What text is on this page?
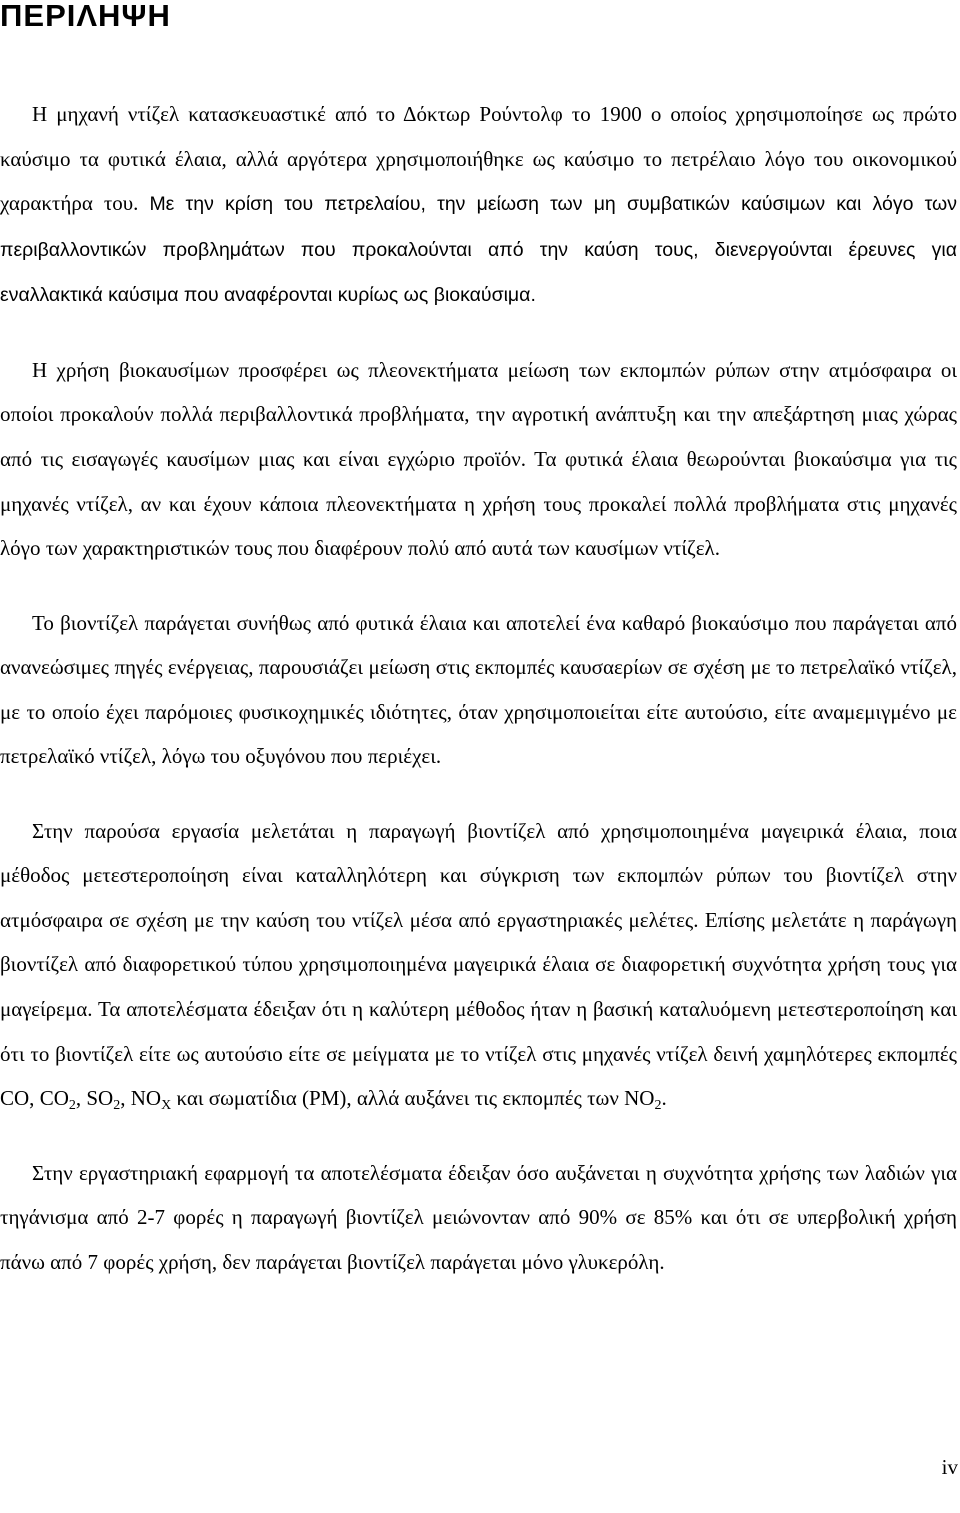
ΠΕΡΙΛΗΨΗ

Η μηχανή ντίζελ κατασκευαστικέ από το Δόκτωρ Ρούντολφ το 1900 ο οποίος χρησιμοποίησε ως πρώτο καύσιμο τα φυτικά έλαια, αλλά αργότερα χρησιμοποιήθηκε ως καύσιμο το πετρέλαιο λόγο του οικονομικού χαρακτήρα του. Με την κρίση του πετρελαίου, την μείωση των μη συμβατικών καύσιμων και λόγο των περιβαλλοντικών προβλημάτων που προκαλούνται από την καύση τους, διενεργούνται έρευνες για εναλλακτικά καύσιμα που αναφέρονται κυρίως ως βιοκαύσιμα.

Η χρήση βιοκαυσίμων προσφέρει ως πλεονεκτήματα μείωση των εκπομπών ρύπων στην ατμόσφαιρα οι οποίοι προκαλούν πολλά περιβαλλοντικά προβλήματα, την αγροτική ανάπτυξη και την απεξάρτηση μιας χώρας από τις εισαγωγές καυσίμων μιας και είναι εγχώριο προϊόν. Τα φυτικά έλαια θεωρούνται βιοκαύσιμα για τις μηχανές ντίζελ, αν και έχουν κάποια πλεονεκτήματα η χρήση τους προκαλεί πολλά προβλήματα στις μηχανές λόγο των χαρακτηριστικών τους που διαφέρουν πολύ από αυτά των καυσίμων ντίζελ.

Το βιοντίζελ παράγεται συνήθως από φυτικά έλαια και αποτελεί ένα καθαρό βιοκαύσιμο που παράγεται από ανανεώσιμες πηγές ενέργειας, παρουσιάζει μείωση στις εκπομπές καυσαερίων σε σχέση με το πετρελαϊκό ντίζελ, με το οποίο έχει παρόμοιες φυσικοχημικές ιδιότητες, όταν χρησιμοποιείται είτε αυτούσιο, είτε αναμεμιγμένο με πετρελαϊκό ντίζελ, λόγω του οξυγόνου που περιέχει.

Στην παρούσα εργασία μελετάται η παραγωγή βιοντίζελ από χρησιμοποιημένα μαγειρικά έλαια, ποια μέθοδος μετεστεροποίηση είναι καταλληλότερη και σύγκριση των εκπομπών ρύπων του βιοντίζελ στην ατμόσφαιρα σε σχέση με την καύση του ντίζελ μέσα από εργαστηριακές μελέτες. Επίσης μελετάτε η παράγωγη βιοντίζελ από διαφορετικού τύπου χρησιμοποιημένα μαγειρικά έλαια σε διαφορετική συχνότητα χρήση τους για μαγείρεμα. Τα αποτελέσματα έδειξαν ότι η καλύτερη μέθοδος ήταν η βασική καταλυόμενη μετεστεροποίηση και ότι το βιοντίζελ είτε ως αυτούσιο είτε σε μείγματα με το ντίζελ στις μηχανές ντίζελ δεινή χαμηλότερες εκπομπές CO, $CO_2$, $SO_2$, $NO_X$ και σωματίδια (PM), αλλά αυξάνει τις εκπομπές των $NO_2$.

Στην εργαστηριακή εφαρμογή τα αποτελέσματα έδειξαν όσο αυξάνεται η συχνότητα χρήσης των λαδιών για τηγάνισμα από 2-7 φορές η παραγωγή βιοντίζελ μειώνονταν από 90% σε 85% και ότι σε υπερβολική χρήση πάνω από 7 φορές χρήση, δεν παράγεται βιοντίζελ παράγεται μόνο γλυκερόλη.

iv
